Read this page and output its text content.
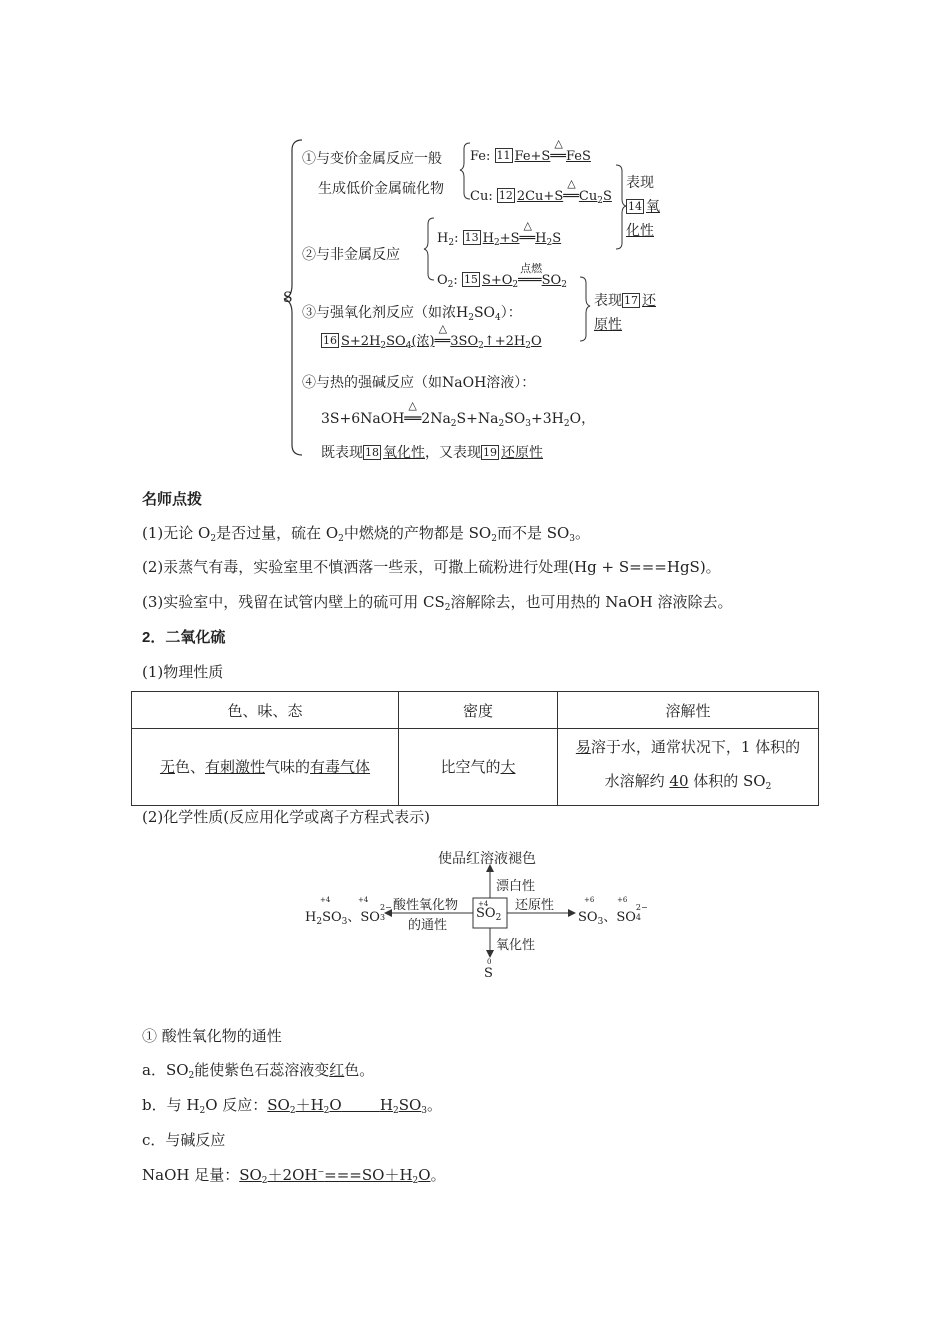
S
①与变价金属反应一般
生成低价金属硫化物
Fe: 11 Fe+S
△
══FeS
Cu: 12 2Cu+S
△
$══Cu_2S$
表现
14 氧
化性
②与非金属反应
$H_2$: 13 $H_2+S$
△
$══H_2S$
$O_2$: 15 $S+O_2$
点燃
$═══SO_2$
表现 17 还
原性
③与强氧化剂反应（如浓$H_2SO_4$）：
16 $S+2H_2SO_4$(浓)
△
$══3SO_2↑+2H_2O$
④与热的强碱反应（如NaOH溶液）：
3S+6NaOH
△
$══2Na_2S+Na_2SO_3+3H_2O$，
既表现 18 氧化性，又表现 19 还原性
名师点拨
(1)无论 $O_2$是否过量，硫在 $O_2$中燃烧的产物都是 $SO_2$而不是 $SO_3$。
(2)汞蒸气有毒，实验室里不慎洒落一些汞，可撒上硫粉进行处理(Hg + S===HgS)。
(3)实验室中，残留在试管内壁上的硫可用 $CS_2$溶解除去，也可用热的 NaOH 溶液除去。
2．二氧化硫
(1)物理性质
色、味、态	密度	溶解性
无色、有刺激性气味的有毒气体	比空气的大	易溶于水，通常状况下，1 体积的
水溶解约 40 体积的 $SO_2$
(2)化学性质(反应用化学或离子方程式表示)
使品红溶液褪色
漂白性
酸性氧化物
的通性
还原性
氧化性
+4
$SO_2$
+4	+4
$H_2SO_3$、SO
2−
3

+6	+6
$SO_3$、SO
2−
4

0
S
① 酸性氧化物的通性
a．$SO_2$能使紫色石蕊溶液变红色。
b．与 $H_2O$ 反应：$SO_2+H_2O$	$H_2SO_3$。
c．与碱反应
NaOH 足量：$SO_2+2OH^-===SO+H_2O$。
